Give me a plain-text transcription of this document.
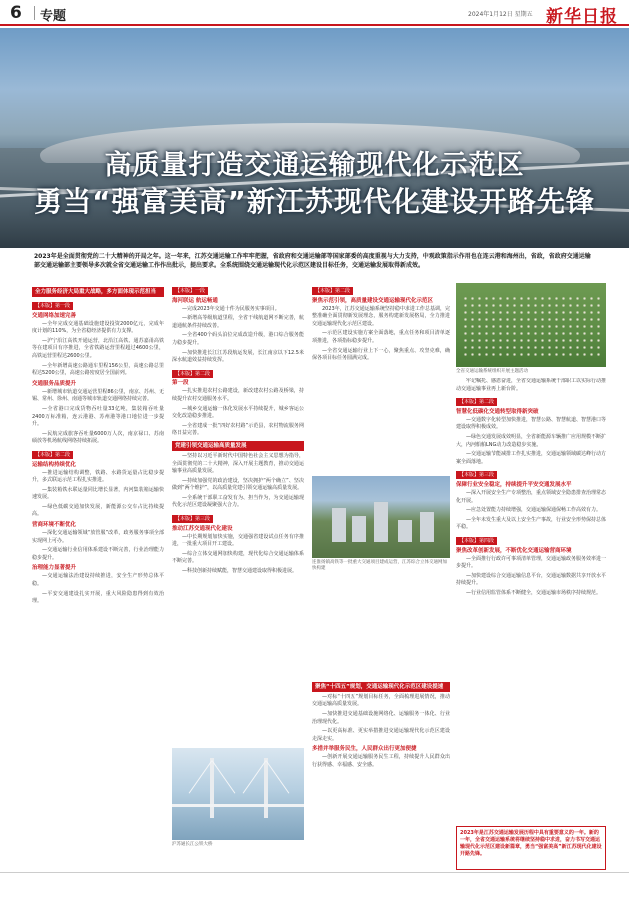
6 专题	2024年1月12日 星期五 新华日报
高质量打造交通运输现代化示范区
勇当“强富美高”新江苏现代化建设开路先锋
2023年是全面贯彻党的二十大精神的开局之年。这一年来，江苏交通运输工作牢牢把握，省政府和交通运输部等国家部委的高度重视与大力支持，中观政策指示作用也在连云港和海州出，省政，省政府交通运输部交通运输部主要领导多次就全省交通运输工作作出批示，提出要求。全系统围绕交通运输现代化示范区建设目标任务，交通运输发展取得新成效。
全力服务经济大局重大战略，多方面体现示范担当
【本版】第一段
交通网络加速完善

—全年完成交通基础设施建设投资2000亿元，完成年度计划的110%，为全省稳经济提供有力支撑。

—沪宁沿江高铁开通运营，北沿江高铁、通苏嘉甬高铁等在建项目有序推进，全省铁路运营里程超过4600公里，高铁运营里程达2600公里。

—全年新增高速公路通车里程156公里，高速公路总里程达5200公里，高速公路密度居全国前列。

交通服务品质提升

—新增城市轨道交通运营里程86公里，南京、苏州、无锡、常州、徐州、南通等城市轨道交通网络持续完善。

—全省港口完成货物吞吐量33亿吨，集装箱吞吐量2400万标准箱，连云港港、苏州港等港口地位进一步提升。

—民航完成旅客吞吐量6000万人次，南京禄口、苏南硕放等机场航线网络持续拓展。

【本版】第二段
运输结构持续优化

—推进运输结构调整，铁路、水路货运量占比稳步提升，多式联运示范工程扎实推进。

—集装箱铁水联运量同比增长显著，内河集装箱运输快速发展。

—绿色低碳交通加快发展，新能源公交车占比持续提高。

营商环境不断优化

—深化交通运输领域“放管服”改革，政务服务事项全部实现网上可办。

—交通运输行业信用体系建设不断完善，行业治理能力稳步提升。

治理能力显著提升

—交通运输法治建设持续推进，安全生产形势总体平稳。

—平安交通建设扎实开展，重大风险隐患得到有效治理。

【本版】一段
海河联运 航运畅通

—完成2023年交通十件为民服务实事项目。

—新增高等级航道里程，全省干线航道网不断完善，航道通航条件持续改善。

—全省400个码头泊位完成改造升级，港口综合服务能力稳步提升。

—加快推进长江江苏段航运发展，长江南京以下12.5米深水航道效益持续发挥。

【本版】第二段
第一段

—扎实推进农村公路建设，新改建农村公路及桥梁，持续提升农村交通服务水平。

—城乡交通运输一体化发展水平持续提升，城乡客运公交化改造稳步推进。

—全省建成一批“四好农村路”示范县，农村物流服务网络日益完善。

党建引领交通运输高质量发展

—坚持以习近平新时代中国特色社会主义思想为指导，全面贯彻党的二十大精神，深入开展主题教育，推动交通运输事业高质量发展。

—持续加强党的政治建设，坚决拥护“两个确立”、坚决做到“两个维护”，以高质量党建引领交通运输高质量发展。

—全系统干部职工奋发有为、担当作为，为交通运输现代化示范区建设凝聚强大合力。

【本版】第三段
推动江苏交通现代化建设

—中长期规划加快实施，交通强省建设试点任务有序推进，一批重大项目开工建设。

—综合立体交通网加快构建，现代化综合交通运输体系不断完善。

—科技创新持续赋能，智慧交通建设取得积极进展。

沪苏通长江公铁大桥
【本版】第二段
聚焦示范引领，高质量建设交通运输现代化示范区

2023年，江苏交通运输系统坚持稳中求进工作总基调，完整准确全面贯彻新发展理念，服务构建新发展格局，全力推进交通运输现代化示范区建设。

—示范区建设实施方案全面落地，重点任务和项目清单逐项推进，各项指标稳步提升。

—全省交通运输行业上下一心，聚焦重点、攻坚克难，确保各项目标任务圆满完成。

聚焦“十四五”规划，交通运输现代化示范区建设提速

—对标“十四五”规划目标任务，全面梳理进展情况，推动交通运输高质量发展。

—加快推进交通基础设施网络化、运输服务一体化、行业治理现代化。

—以更高标准、更实举措推进交通运输现代化示范区建设走深走实。

多措并举服务民生，人民群众出行更加便捷

—创新开展交通运输服务民生工程，持续提升人民群众出行获得感、幸福感、安全感。

连淮扬镇高铁等一批重大交通项目建成运营，江苏综合立体交通网加快构建
全省交通运输系统组织开展主题活动

牢记嘱托、感恩奋进，全省交通运输系统干部职工以实际行动推动交通运输事业再上新台阶。

【本版】第二段
智慧化低碳化交通转型取得新突破

—交通数字化转型加快推进，智慧公路、智慧航道、智慧港口等建设取得积极成效。

—绿色交通发展成效明显，全省新能源车辆推广应用规模不断扩大，内河船舶LNG动力改造稳步实施。

—交通运输节能减排工作扎实推进，交通运输领域碳达峰行动方案全面落地。

【本版】第三段
保障行业安全稳定，持续提升平安交通发展水平

—深入开展安全生产专项整治，重点领域安全隐患排查治理常态化开展。

—应急处置能力持续增强，交通运输保通保畅工作高效有力。

—全年未发生重大及以上安全生产事故，行业安全形势保持总体平稳。

【本版】第四段
聚焦改革创新发展，不断优化交通运输营商环境

—全面推行行政许可事项清单管理，交通运输政务服务效率进一步提升。

—加快建设综合交通运输信息平台，交通运输数据共享开放水平持续提升。

—行业信用监管体系不断健全，交通运输市场秩序持续规范。

2023年是江苏交通运输发展历程中具有重要意义的一年。新的一年，全省交通运输系统将继续坚持稳中求进，奋力书写交通运输现代化示范区建设新篇章，勇当“强富美高”新江苏现代化建设开路先锋。
